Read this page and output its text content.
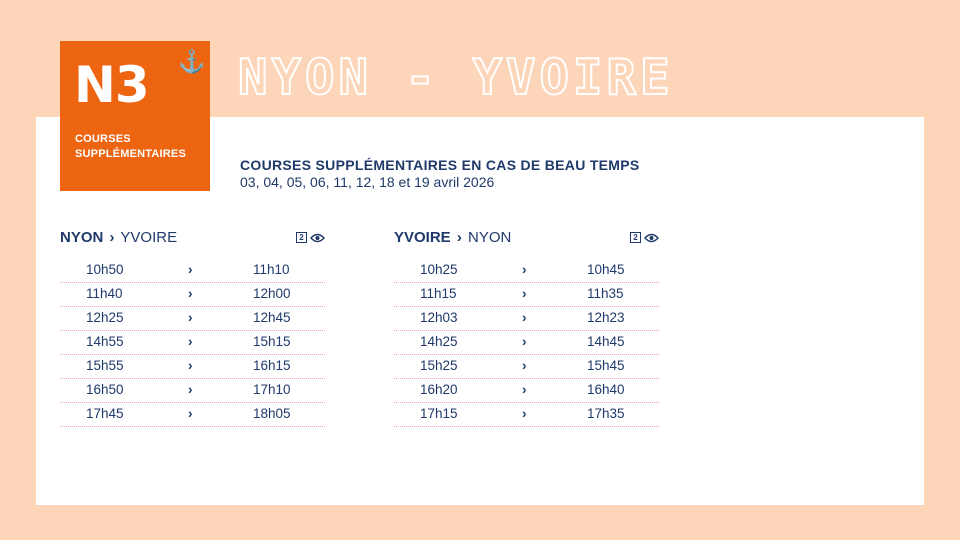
N3 ⚓
COURSES
SUPPLÉMENTAIRES
NYON - YVOIRE
COURSES SUPPLÉMENTAIRES EN CAS DE BEAU TEMPS
03, 04, 05, 06, 11, 12, 18 et 19 avril 2026
NYON › YVOIRE	2
10h50	›	11h10
11h40	›	12h00
12h25	›	12h45
14h55	›	15h15
15h55	›	16h15
16h50	›	17h10
17h45	›	18h05
YVOIRE › NYON	2
10h25	›	10h45
11h15	›	11h35
12h03	›	12h23
14h25	›	14h45
15h25	›	15h45
16h20	›	16h40
17h15	›	17h35
